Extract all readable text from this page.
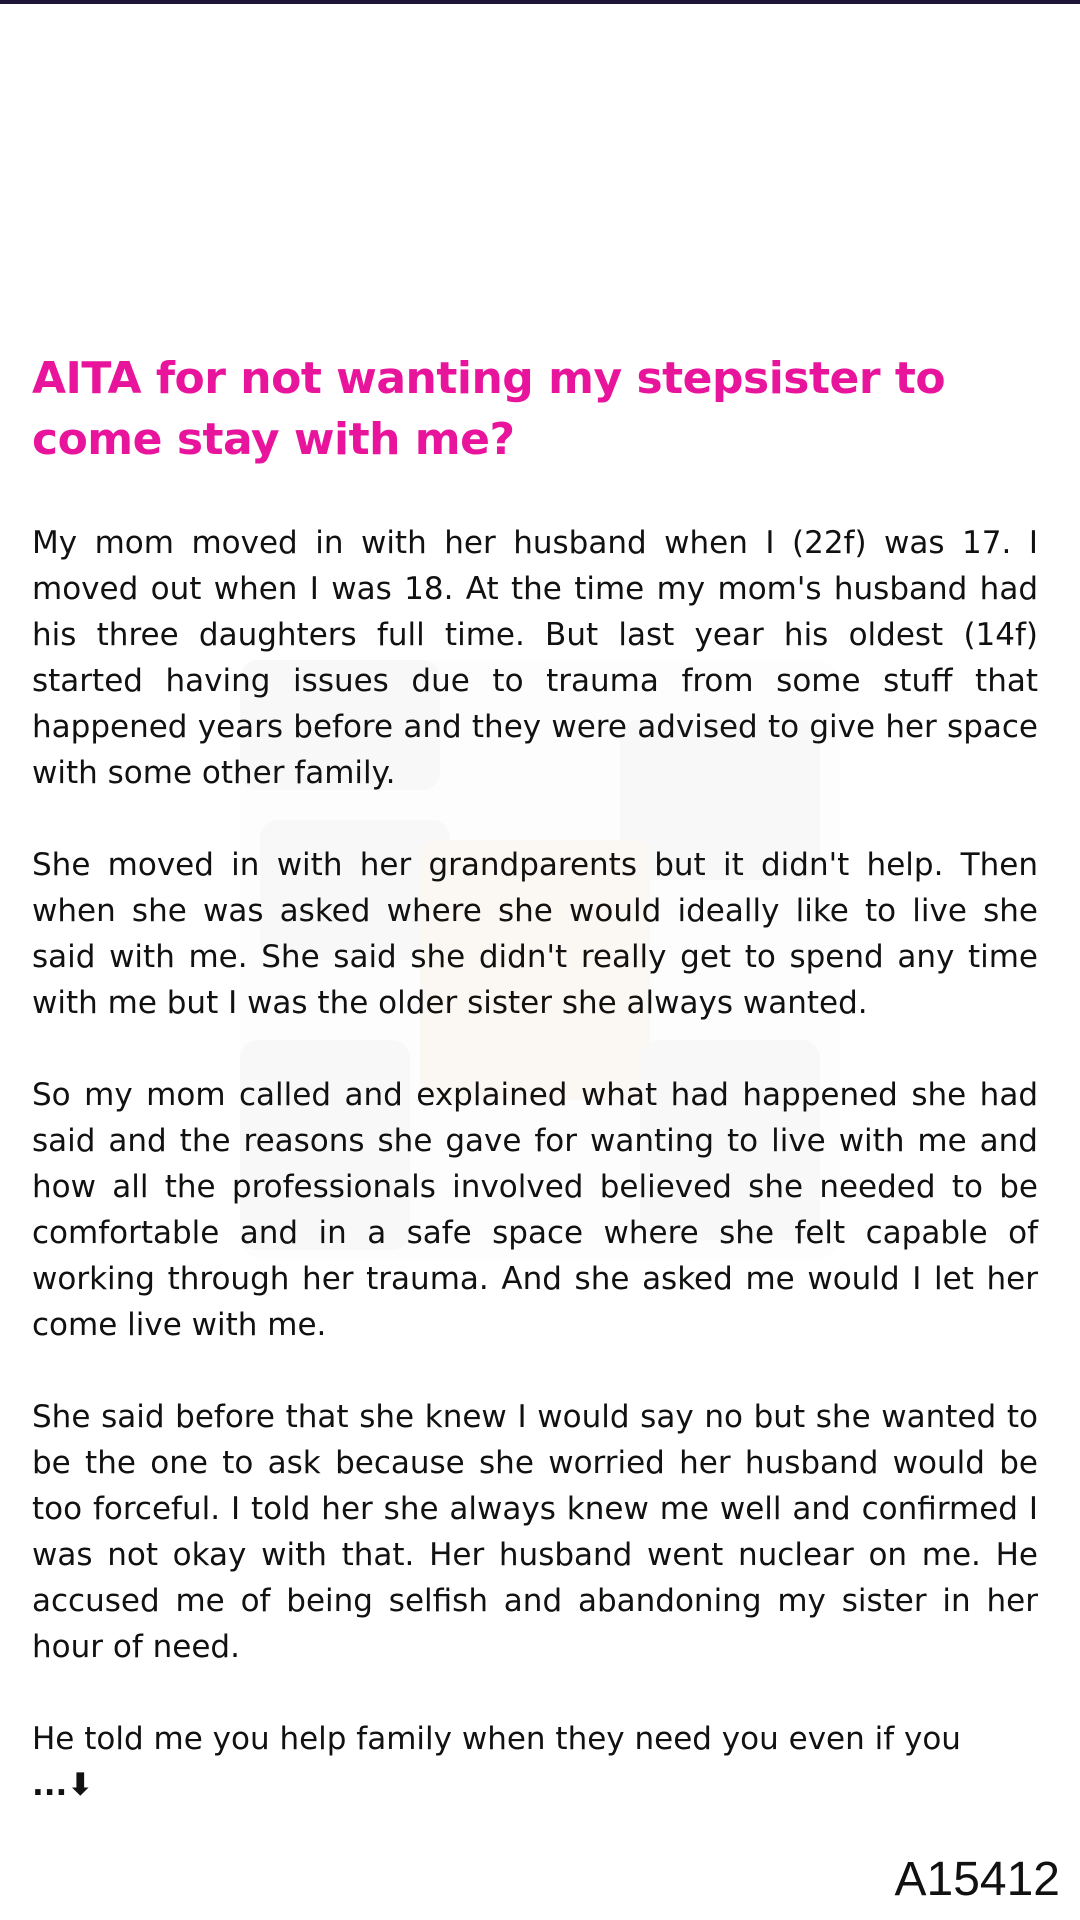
AITA for not wanting my stepsister to come stay with me?

My mom moved in with her husband when I (22f) was 17. I moved out when I was 18. At the time my mom's husband had his three daughters full time. But last year his oldest (14f) started having issues due to trauma from some stuff that happened years before and they were advised to give her space with some other family.

She moved in with her grandparents but it didn't help. Then when she was asked where she would ideally like to live she said with me. She said she didn't really get to spend any time with me but I was the older sister she always wanted.

So my mom called and explained what had happened she had said and the reasons she gave for wanting to live with me and how all the professionals involved believed she needed to be comfortable and in a safe space where she felt capable of working through her trauma. And she asked me would I let her come live with me.

She said before that she knew I would say no but she wanted to be the one to ask because she worried her husband would be too forceful. I told her she always knew me well and confirmed I was not okay with that. Her husband went nuclear on me. He accused me of being selfish and abandoning my sister in her hour of need.

He told me you help family when they need you even if you

...⬇
A15412
